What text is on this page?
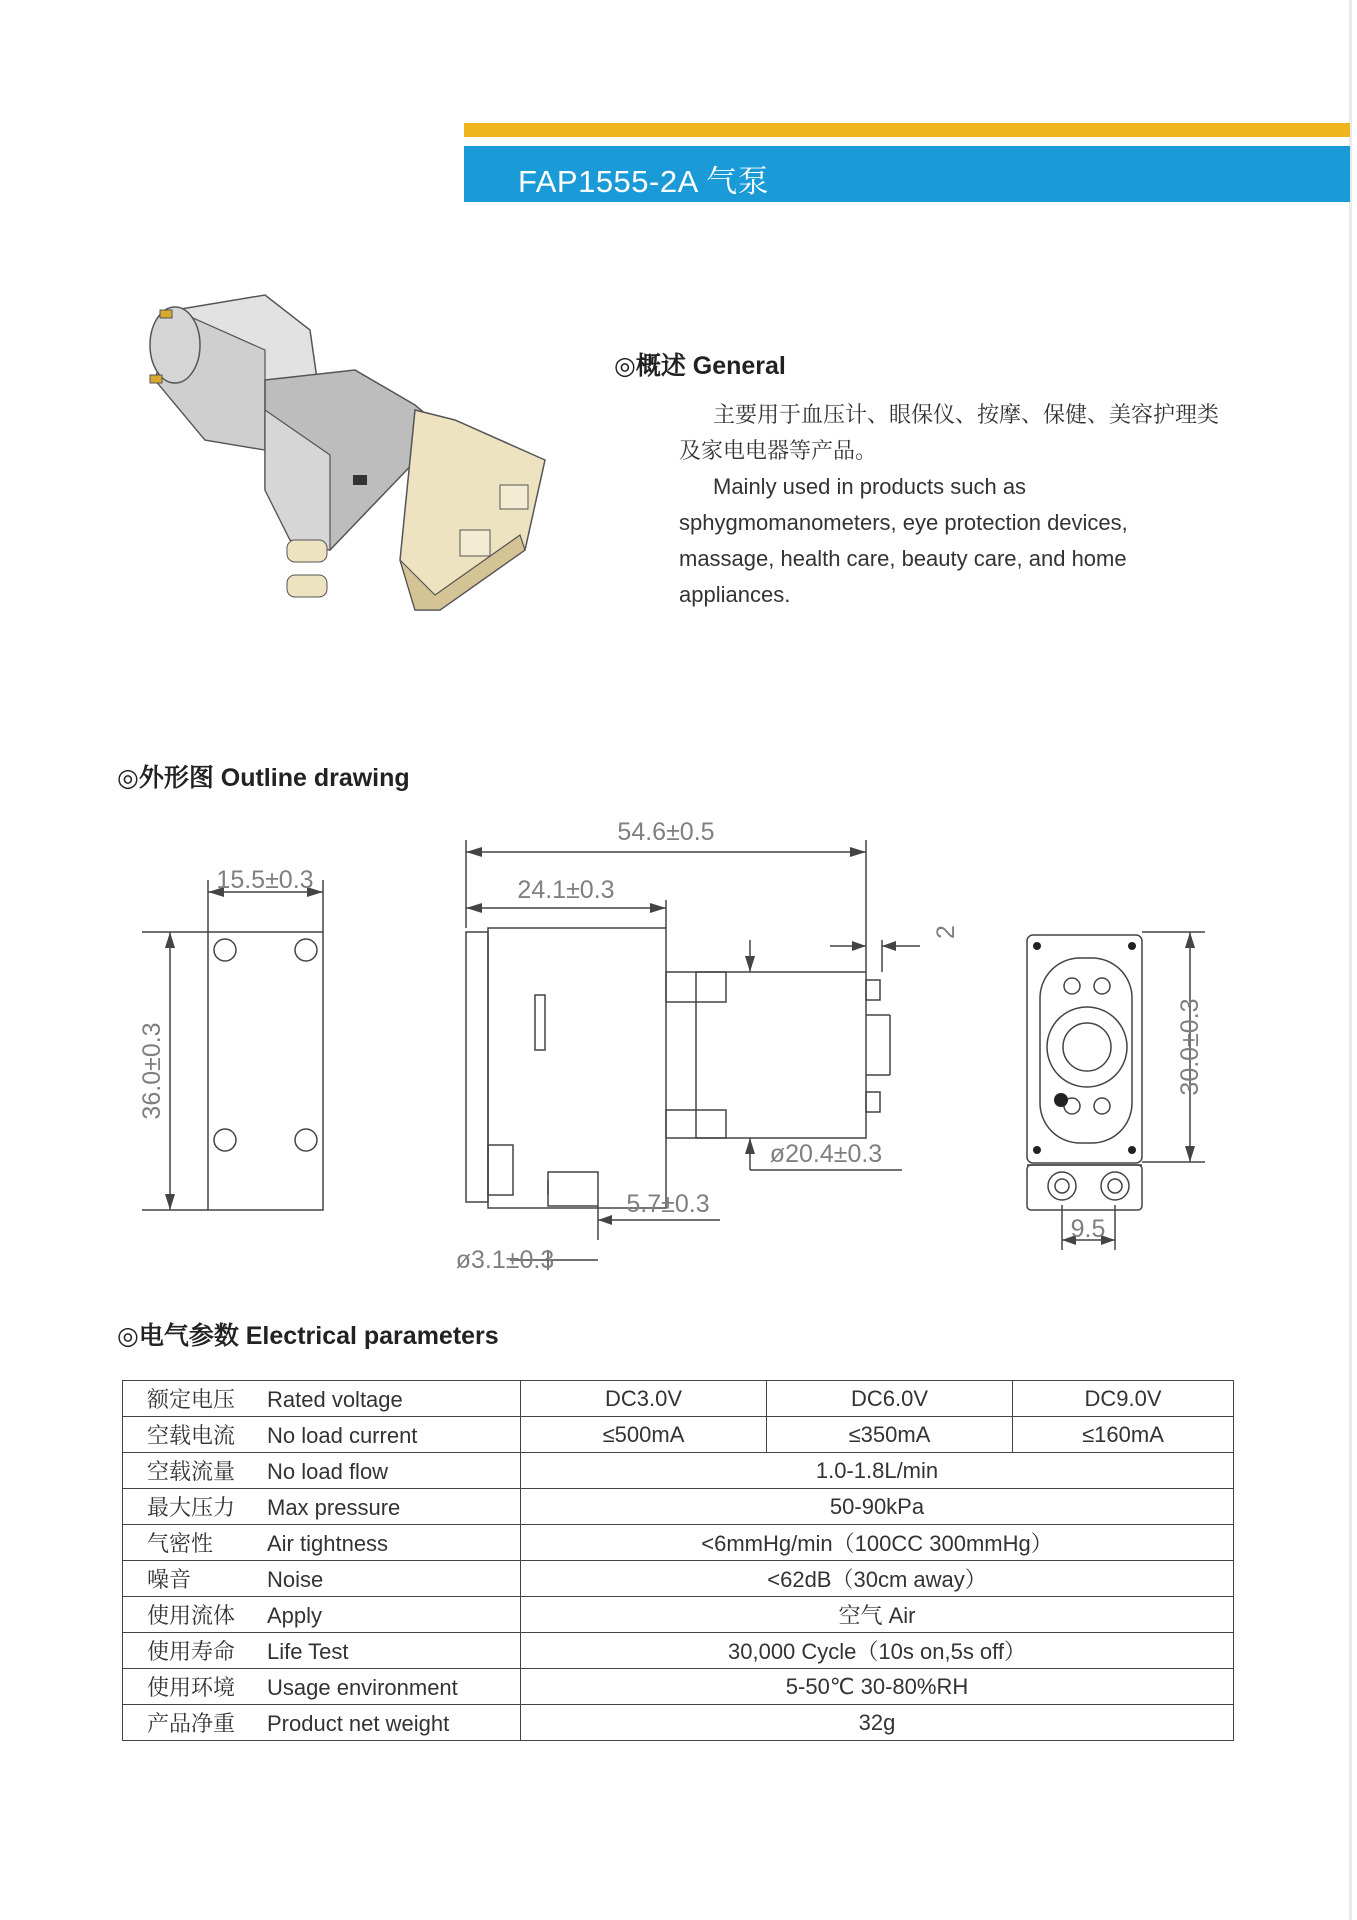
FAP1555-2A 气泵
◎概述 General

主要用于血压计、眼保仪、按摩、保健、美容护理类及家电电器等产品。

Mainly used in products such as sphygmomanometers, eye protection devices, massage, health care, beauty care, and home appliances.

◎外形图 Outline drawing
54.6±0.5
24.1±0.3
2
15.5±0.3
36.0±0.3
ø20.4±0.3
5.7±0.3
ø3.1±0.3
30.0±0.3
9.5
◎电气参数 Electrical parameters
额定电压 Rated voltage	DC3.0V	DC6.0V	DC9.0V
空载电流 No load current	≤500mA	≤350mA	≤160mA
空载流量 No load flow	1.0-1.8L/min		
最大压力 Max pressure	50-90kPa		
气密性 Air tightness	<6mmHg/min（100CC 300mmHg）		
噪音 Noise	<62dB（30cm away）		
使用流体 Apply	空气 Air		
使用寿命 Life Test	30,000 Cycle（10s on,5s off）		
使用环境 Usage environment	5-50℃ 30-80%RH		
产品净重 Product net weight	32g		
